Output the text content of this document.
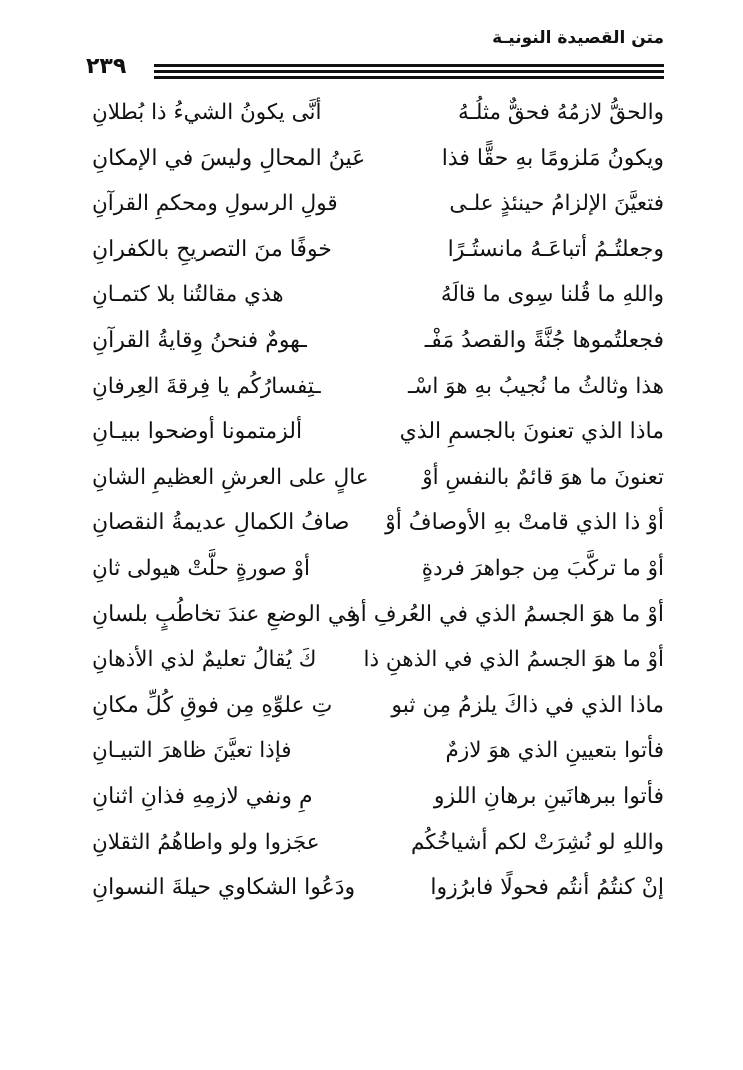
متن القصيدة النونيـة
٢٣٩
والحقُّ لازمُهُ فحقٌّ مثلُـهُ
أنَّى يكونُ الشيءُ ذا بُطلانِ
ويكونُ مَلزومًا بهِ حقًّا فذا
عَينُ المحالِ وليسَ في الإمكانِ
فتعيَّنَ الإلزامُ حينئذٍ علـى
قولِ الرسولِ ومحكمِ القرآنِ
وجعلتُـمُ أتباعَـهُ مانستُـرًا
خوفًا منَ التصريحِ بالكفرانِ
واللهِ ما قُلنا سِوى ما قالَهُ
هذي مقالتُنا بلا كتمـانِ
فجعلتُموها جُنَّةً والقصدُ مَفْـ
ـهومٌ فنحنُ وِقايةُ القرآنِ
هذا وثالثُ ما نُجيبُ بهِ هوَ اسْـ
ـتِفسارُكُم يا فِرقةَ العِرفانِ
ماذا الذي تعنونَ بالجسمِ الذي
ألزمتمونا أوضحوا ببيـانِ
تعنونَ ما هوَ قائمٌ بالنفسِ أوْ
عالٍ على العرشِ العظيمِ الشانِ
أوْ ذا الذي قامتْ بهِ الأوصافُ أوْ
صافُ الكمالِ عديمةُ النقصانِ
أوْ ما تركَّبَ مِن جواهرَ فردةٍ
أوْ صورةٍ حلَّتْ هيولى ثانِ
أوْ ما هوَ الجسمُ الذي في العُرفِ أو
في الوضعِ عندَ تخاطُبٍ بلسانِ
أوْ ما هوَ الجسمُ الذي في الذهنِ ذا
كَ يُقالُ تعليمٌ لذي الأذهانِ
ماذا الذي في ذاكَ يلزمُ مِن ثبو
تِ علوِّهِ مِن فوقِ كُلِّ مكانِ
فأتوا بتعيينِ الذي هوَ لازمٌ
فإذا تعيَّنَ ظاهرَ التبيـانِ
فأتوا ببرهانَينِ برهانِ اللزو
مِ ونفي لازمِهِ فذانِ اثنانِ
واللهِ لو نُشِرَتْ لكم أشياخُكُم
عجَزوا ولو واطاهُمُ الثقلانِ
إنْ كنتُمُ أنتُم فحولًا فابرُزوا
ودَعُوا الشكاوي حيلةَ النسوانِ
